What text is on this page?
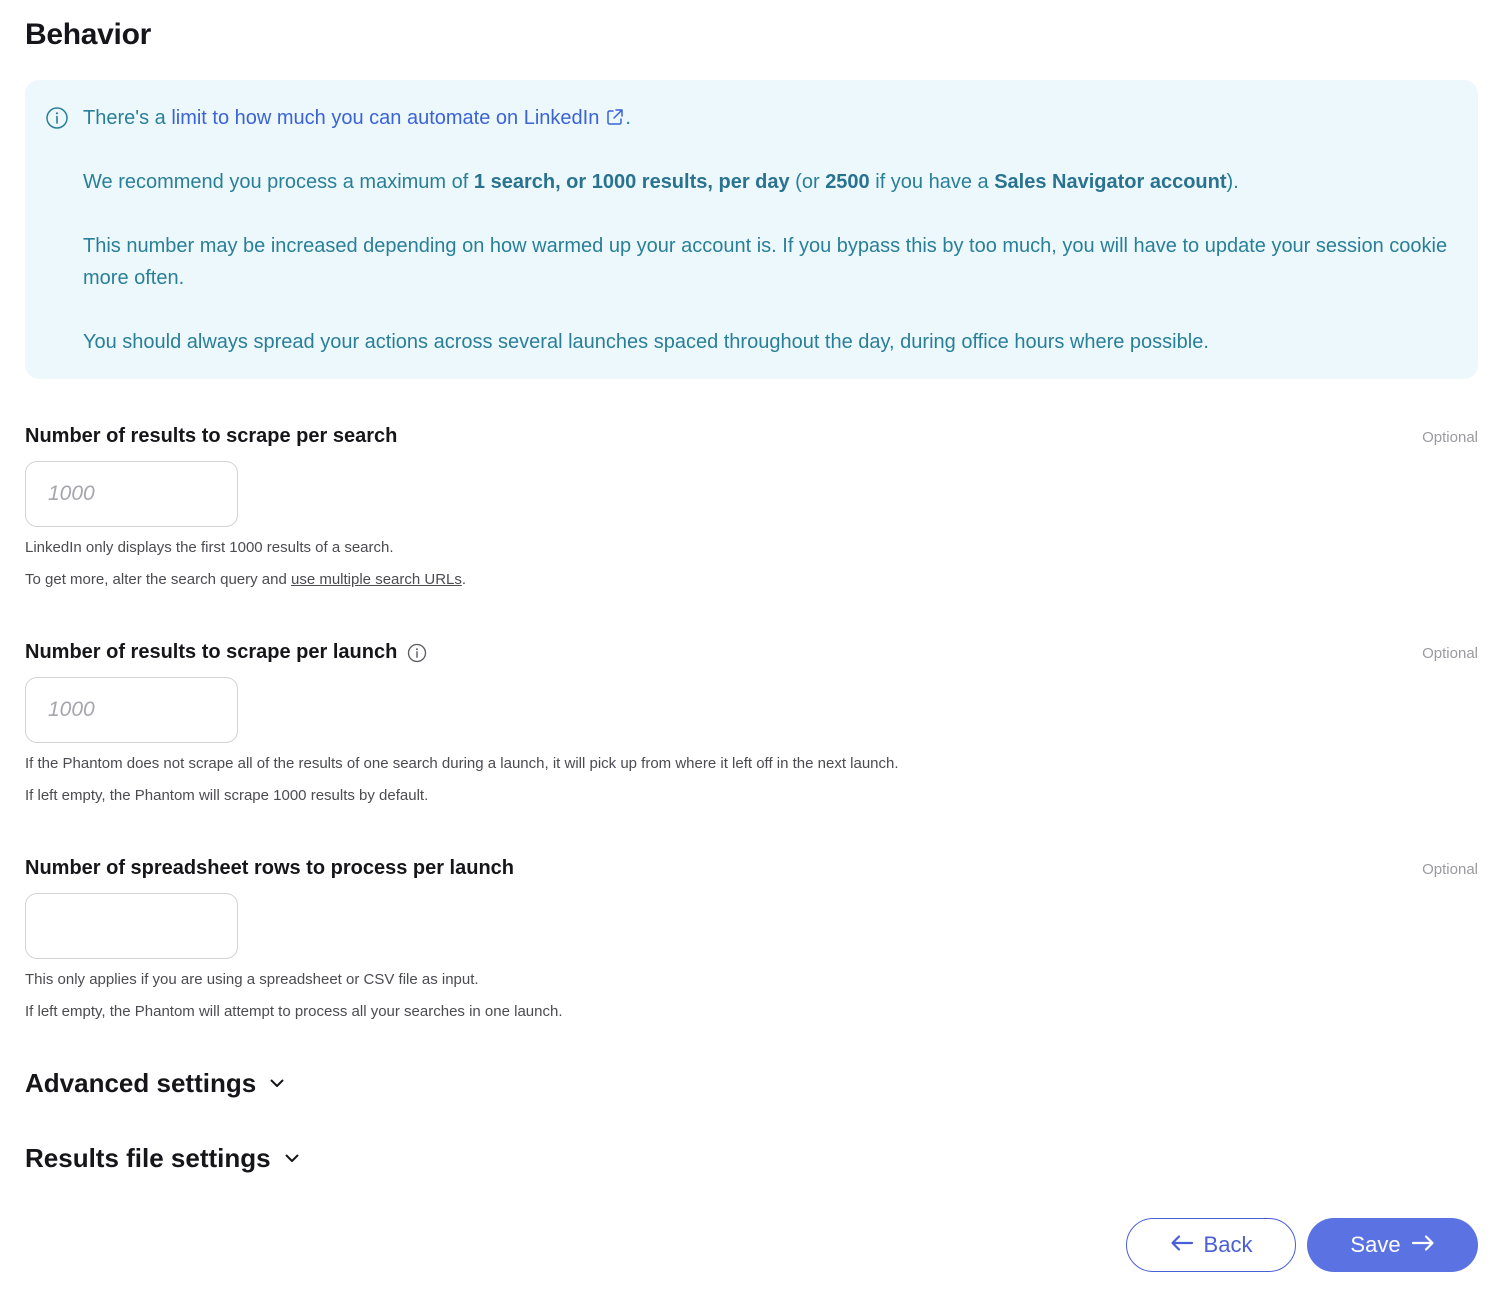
Behavior

There's a limit to how much you can automate on LinkedIn .

We recommend you process a maximum of 1 search, or 1000 results, per day (or 2500 if you have a Sales Navigator account).

This number may be increased depending on how warmed up your account is. If you bypass this by too much, you will have to update your session cookie more often.

You should always spread your actions across several launches spaced throughout the day, during office hours where possible.

Number of results to scrape per search	Optional
1000
LinkedIn only displays the first 1000 results of a search.
To get more, alter the search query and use multiple search URLs.
Number of results to scrape per launch	Optional
1000
If the Phantom does not scrape all of the results of one search during a launch, it will pick up from where it left off in the next launch.
If left empty, the Phantom will scrape 1000 results by default.
Number of spreadsheet rows to process per launch	Optional
This only applies if you are using a spreadsheet or CSV file as input.
If left empty, the Phantom will attempt to process all your searches in one launch.
Advanced settings
Results file settings
Back	Save
